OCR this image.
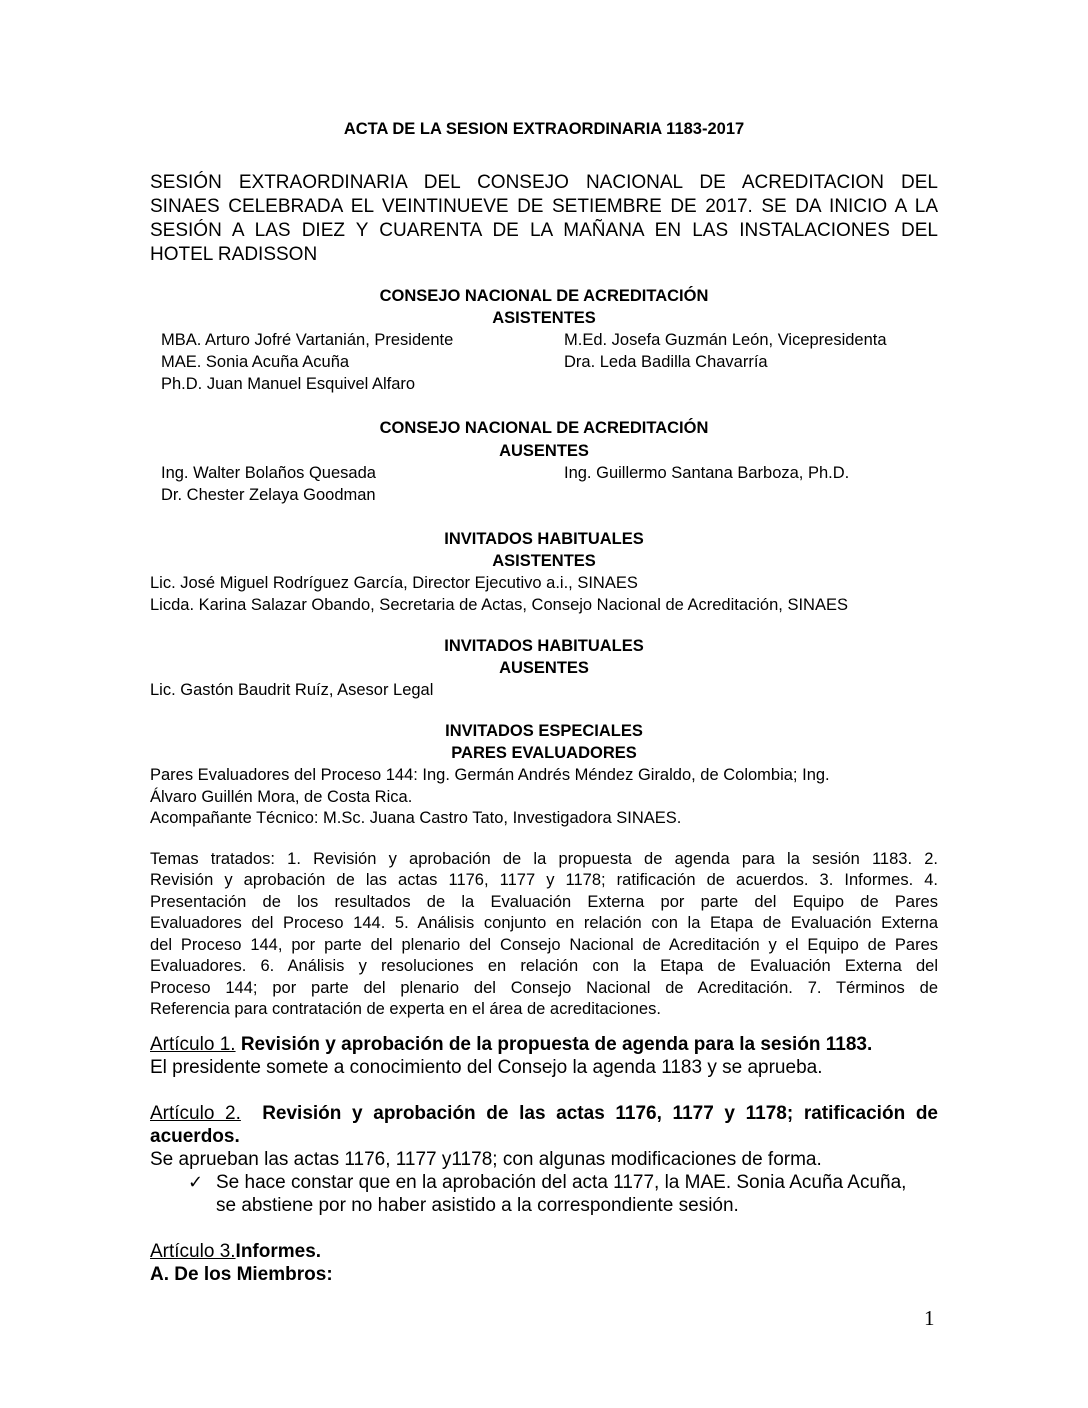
ACTA DE LA SESION EXTRAORDINARIA 1183-2017
SESIÓN EXTRAORDINARIA DEL CONSEJO NACIONAL DE ACREDITACION DEL
SINAES CELEBRADA EL VEINTINUEVE DE SETIEMBRE DE 2017. SE DA INICIO A LA
SESIÓN A LAS DIEZ Y CUARENTA DE LA MAÑANA EN LAS INSTALACIONES DEL
HOTEL RADISSON
CONSEJO NACIONAL DE ACREDITACIÓN
ASISTENTES
MBA. Arturo Jofré Vartanián, Presidente
MAE. Sonia Acuña Acuña
Ph.D. Juan Manuel Esquivel Alfaro
M.Ed. Josefa Guzmán León, Vicepresidenta
Dra. Leda Badilla Chavarría
CONSEJO NACIONAL DE ACREDITACIÓN
AUSENTES
Ing. Walter Bolaños Quesada
Dr. Chester Zelaya Goodman
Ing. Guillermo Santana Barboza, Ph.D.
INVITADOS HABITUALES
ASISTENTES
Lic. José Miguel Rodríguez García, Director Ejecutivo a.i., SINAES
Licda. Karina Salazar Obando, Secretaria de Actas, Consejo Nacional de Acreditación, SINAES
INVITADOS HABITUALES
AUSENTES
Lic. Gastón Baudrit Ruíz, Asesor Legal
INVITADOS ESPECIALES
PARES EVALUADORES
Pares Evaluadores del Proceso 144: Ing. Germán Andrés Méndez Giraldo, de Colombia; Ing.
Álvaro Guillén Mora, de Costa Rica.
Acompañante Técnico: M.Sc. Juana Castro Tato, Investigadora SINAES.
Temas tratados: 1. Revisión y aprobación de la propuesta de agenda para la sesión 1183. 2.
Revisión y aprobación de las actas 1176, 1177 y 1178; ratificación de acuerdos. 3. Informes. 4.
Presentación de los resultados de la Evaluación Externa por parte del Equipo de Pares
Evaluadores del Proceso 144. 5. Análisis conjunto en relación con la Etapa de Evaluación Externa
del Proceso 144, por parte del plenario del Consejo Nacional de Acreditación y el Equipo de Pares
Evaluadores. 6. Análisis y resoluciones en relación con la Etapa de Evaluación Externa del
Proceso 144; por parte del plenario del Consejo Nacional de Acreditación. 7. Términos de
Referencia para contratación de experta en el área de acreditaciones.
Artículo 1. Revisión y aprobación de la propuesta de agenda para la sesión 1183.
El presidente somete a conocimiento del Consejo la agenda 1183 y se aprueba.
Artículo 2. Revisión y aprobación de las actas 1176, 1177 y 1178; ratificación de
acuerdos.
Se aprueban las actas 1176, 1177 y1178; con algunas modificaciones de forma.
✓ Se hace constar que en la aprobación del acta 1177, la MAE. Sonia Acuña Acuña,
se abstiene por no haber asistido a la correspondiente sesión.
Artículo 3.Informes.
A. De los Miembros:
1
